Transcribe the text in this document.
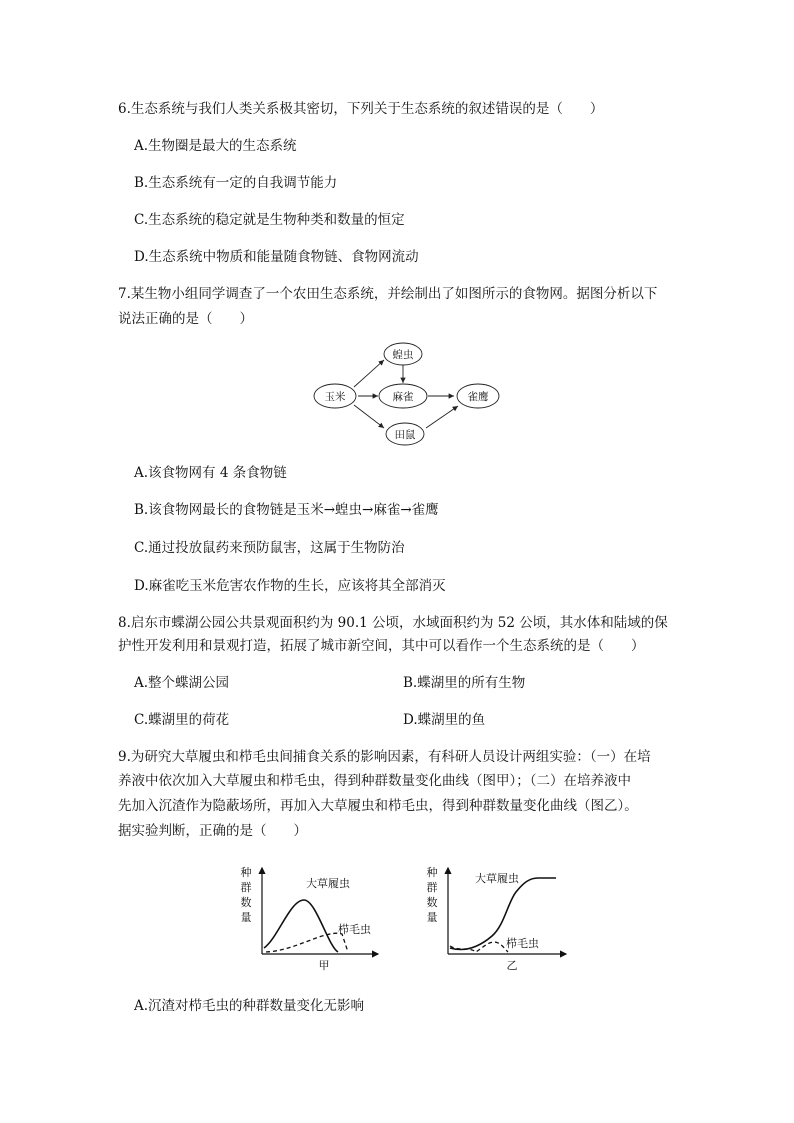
6.生态系统与我们人类关系极其密切，下列关于生态系统的叙述错误的是（　　）
A.生物圈是最大的生态系统
B.生态系统有一定的自我调节能力
C.生态系统的稳定就是生物种类和数量的恒定
D.生态系统中物质和能量随食物链、食物网流动
7.某生物小组同学调查了一个农田生态系统，并绘制出了如图所示的食物网。据图分析以下
说法正确的是（　　）
玉米
蝗虫
麻雀
田鼠
雀鹰
A.该食物网有 4 条食物链
B.该食物网最长的食物链是玉米→蝗虫→麻雀→雀鹰
C.通过投放鼠药来预防鼠害，这属于生物防治
D.麻雀吃玉米危害农作物的生长，应该将其全部消灭
8.启东市蝶湖公园公共景观面积约为 90.1 公顷，水域面积约为 52 公顷，其水体和陆域的保
护性开发利用和景观打造，拓展了城市新空间，其中可以看作一个生态系统的是（　　）
A.整个蝶湖公园	B.蝶湖里的所有生物
C.蝶湖里的荷花	D.蝶湖里的鱼
9.为研究大草履虫和栉毛虫间捕食关系的影响因素，有科研人员设计两组实验：（一）在培
养液中依次加入大草履虫和栉毛虫，得到种群数量变化曲线（图甲）；（二）在培养液中
先加入沉渣作为隐蔽场所，再加入大草履虫和栉毛虫，得到种群数量变化曲线（图乙）。
据实验判断，正确的是（　　）
种
群
数
量
大草履虫
栉毛虫
甲
种
群
数
量
大草履虫
栉毛虫
乙
A.沉渣对栉毛虫的种群数量变化无影响
